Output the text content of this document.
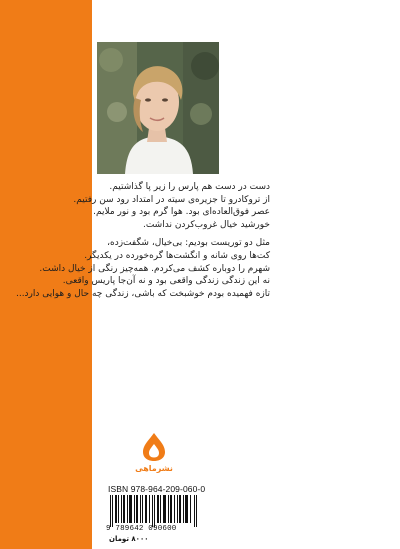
دست در دست هم پارس را زیر پا گذاشتیم.

از تروکادرو تا جزیره‌ی سیته در امتداد رود سن رفتیم.

عصر فوق‌العاده‌ای بود. هوا گرم بود و نور ملایم.

خورشید خیال غروب‌کردن نداشت.

مثل دو توریست بودیم: بی‌خیال، شگفت‌زده،

کت‌ها روی شانه و انگشت‌ها گره‌خورده در یکدیگر.

شهرم را دوباره کشف می‌کردم. همه‌چیز رنگی از خیال داشت.

نه این زندگی زندگی واقعی بود و نه آن‌جا پاریس واقعی.

تازه فهمیده بودم خوشبخت که باشی، زندگی چه حال و هوایی دارد...

نشرماهی
ISBN 978-964-209-060-0
9 789642 090600
۸۰۰۰ تومان
